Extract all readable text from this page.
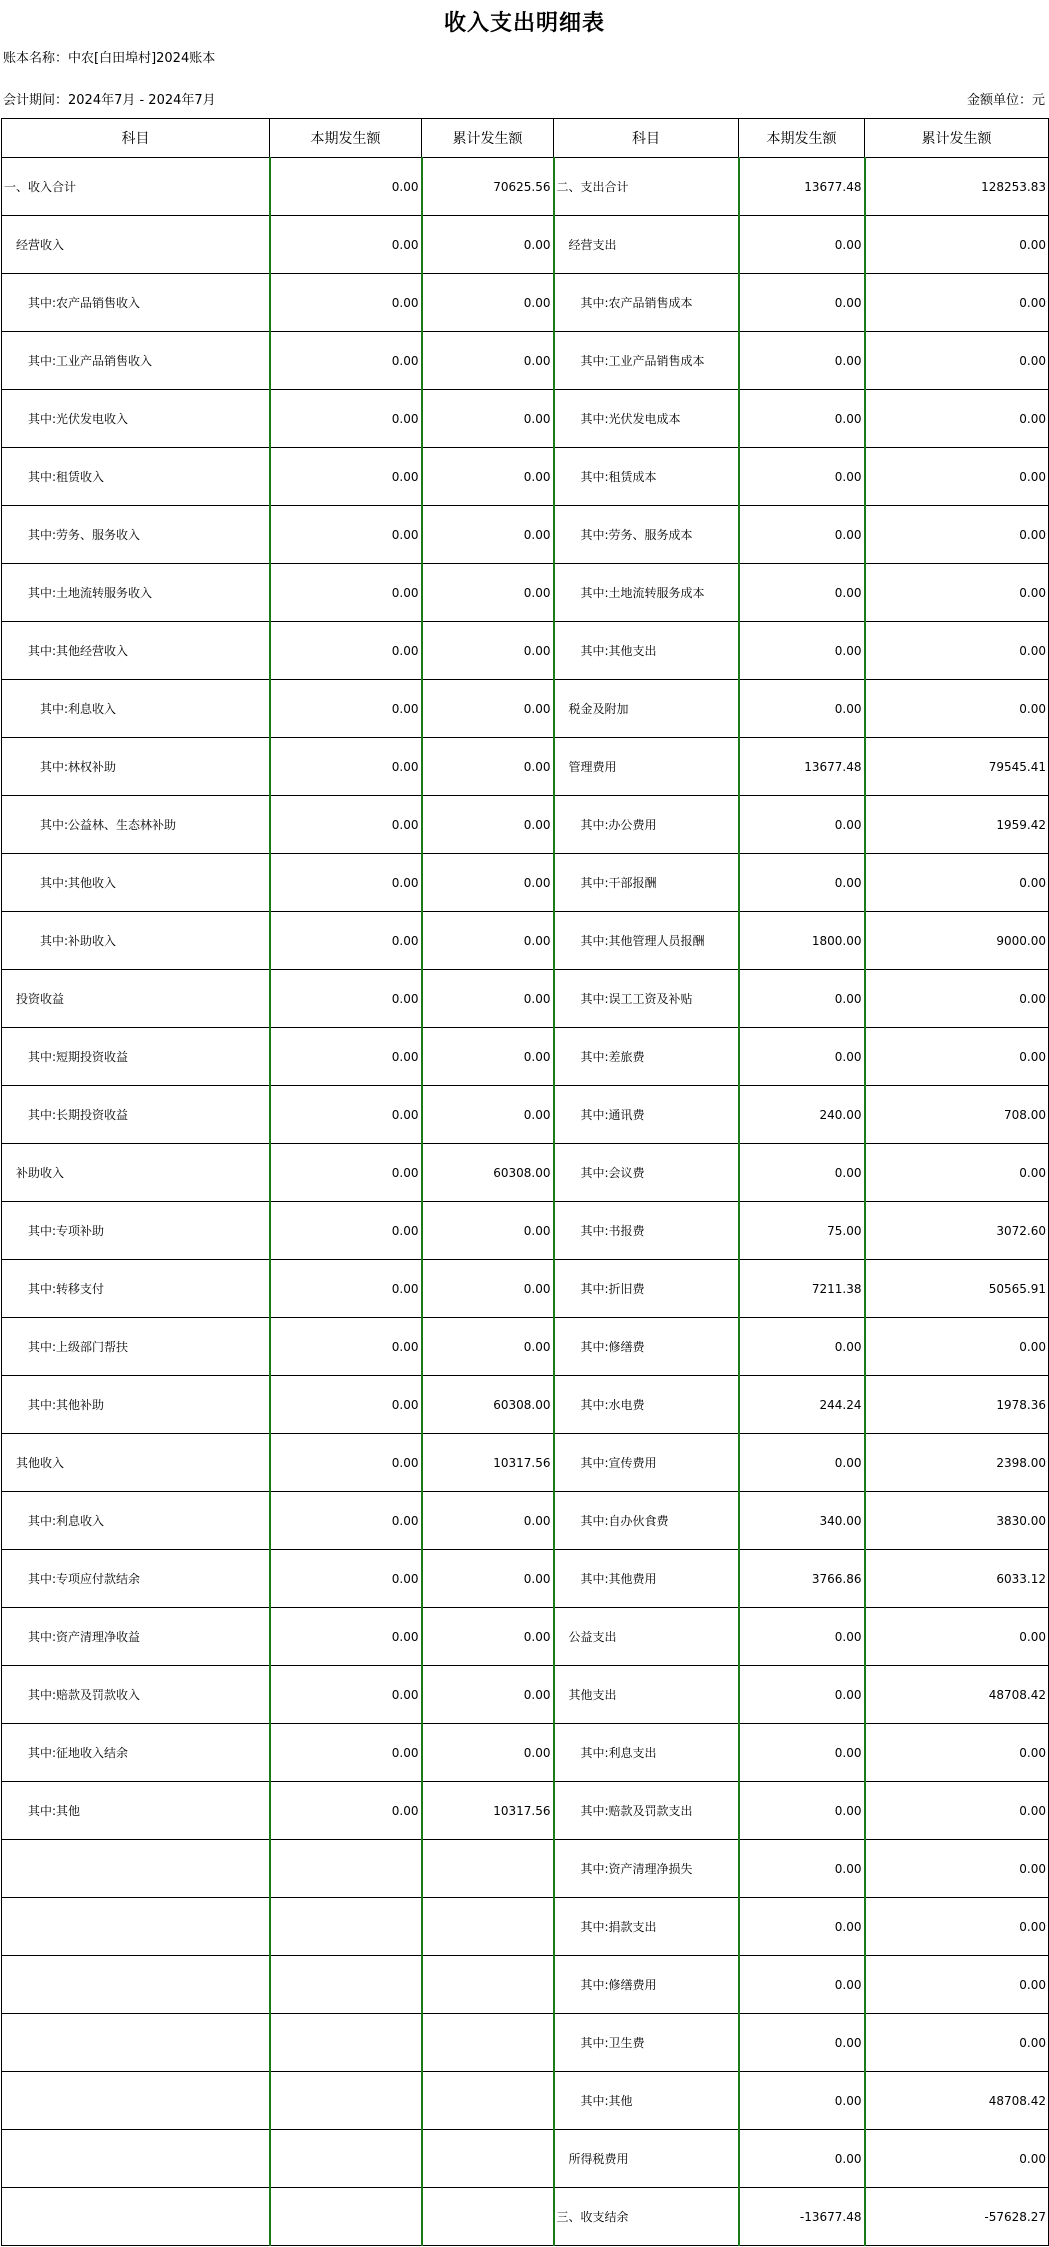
收入支出明细表
账本名称：中农[白田埠村]2024账本
会计期间：2024年7月 - 2024年7月	金额单位：元
科目	本期发生额	累计发生额	科目	本期发生额	累计发生额
一、收入合计	0.00	70625.56	二、支出合计	13677.48	128253.83
经营收入	0.00	0.00	经营支出	0.00	0.00
其中:农产品销售收入	0.00	0.00	其中:农产品销售成本	0.00	0.00
其中:工业产品销售收入	0.00	0.00	其中:工业产品销售成本	0.00	0.00
其中:光伏发电收入	0.00	0.00	其中:光伏发电成本	0.00	0.00
其中:租赁收入	0.00	0.00	其中:租赁成本	0.00	0.00
其中:劳务、服务收入	0.00	0.00	其中:劳务、服务成本	0.00	0.00
其中:土地流转服务收入	0.00	0.00	其中:土地流转服务成本	0.00	0.00
其中:其他经营收入	0.00	0.00	其中:其他支出	0.00	0.00
其中:利息收入	0.00	0.00	税金及附加	0.00	0.00
其中:林权补助	0.00	0.00	管理费用	13677.48	79545.41
其中:公益林、生态林补助	0.00	0.00	其中:办公费用	0.00	1959.42
其中:其他收入	0.00	0.00	其中:干部报酬	0.00	0.00
其中:补助收入	0.00	0.00	其中:其他管理人员报酬	1800.00	9000.00
投资收益	0.00	0.00	其中:误工工资及补贴	0.00	0.00
其中:短期投资收益	0.00	0.00	其中:差旅费	0.00	0.00
其中:长期投资收益	0.00	0.00	其中:通讯费	240.00	708.00
补助收入	0.00	60308.00	其中:会议费	0.00	0.00
其中:专项补助	0.00	0.00	其中:书报费	75.00	3072.60
其中:转移支付	0.00	0.00	其中:折旧费	7211.38	50565.91
其中:上级部门帮扶	0.00	0.00	其中:修缮费	0.00	0.00
其中:其他补助	0.00	60308.00	其中:水电费	244.24	1978.36
其他收入	0.00	10317.56	其中:宣传费用	0.00	2398.00
其中:利息收入	0.00	0.00	其中:自办伙食费	340.00	3830.00
其中:专项应付款结余	0.00	0.00	其中:其他费用	3766.86	6033.12
其中:资产清理净收益	0.00	0.00	公益支出	0.00	0.00
其中:赔款及罚款收入	0.00	0.00	其他支出	0.00	48708.42
其中:征地收入结余	0.00	0.00	其中:利息支出	0.00	0.00
其中:其他	0.00	10317.56	其中:赔款及罚款支出	0.00	0.00
			其中:资产清理净损失	0.00	0.00
			其中:捐款支出	0.00	0.00
			其中:修缮费用	0.00	0.00
			其中:卫生费	0.00	0.00
			其中:其他	0.00	48708.42
			所得税费用	0.00	0.00
			三、收支结余	-13677.48	-57628.27
